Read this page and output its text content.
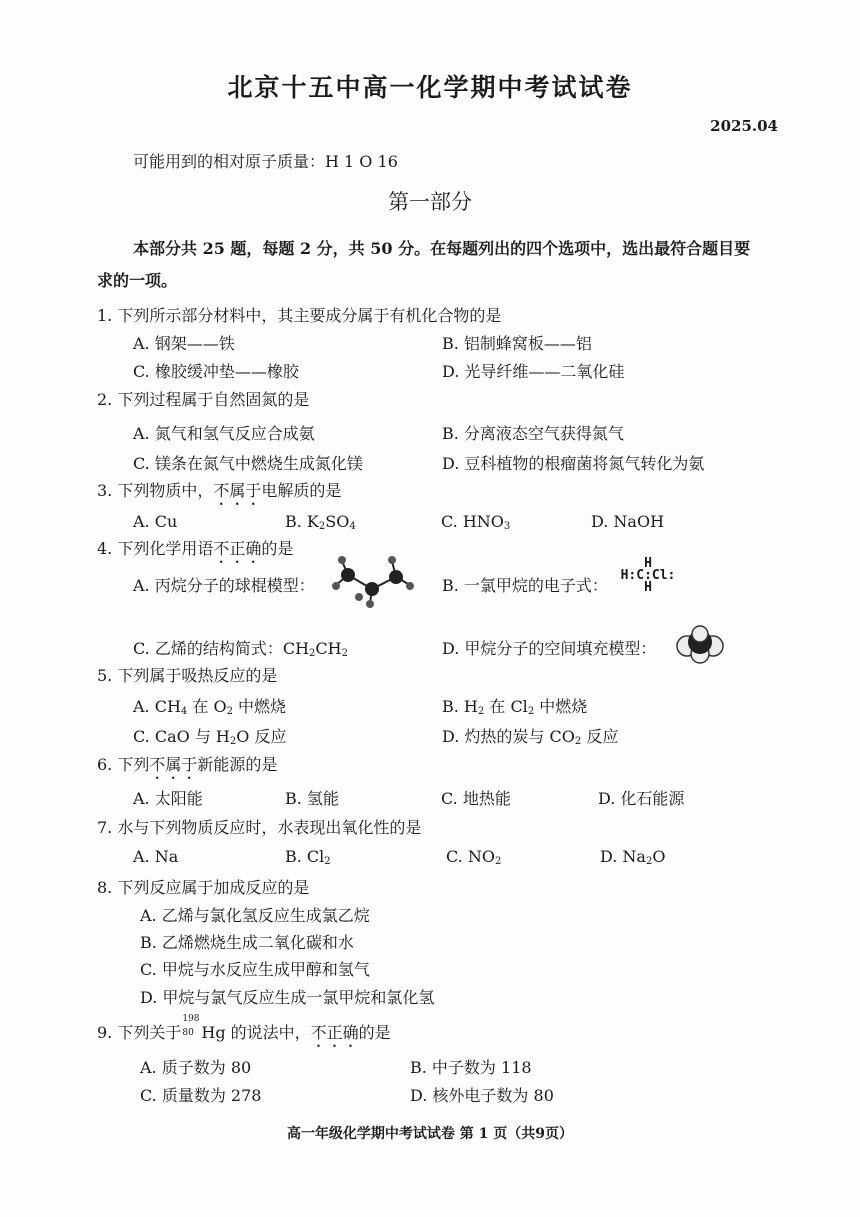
北京十五中高一化学期中考试试卷
2025.04
可能用到的相对原子质量：H 1 O 16
第一部分
本部分共 25 题，每题 2 分，共 50 分。在每题列出的四个选项中，选出最符合题目要
求的一项。
1. 下列所示部分材料中，其主要成分属于有机化合物的是
A. 钢架——铁	B. 铝制蜂窝板——铝
C. 橡胶缓冲垫——橡胶	D. 光导纤维——二氧化硅
2. 下列过程属于自然固氮的是
A. 氮气和氢气反应合成氨	B. 分离液态空气获得氮气
C. 镁条在氮气中燃烧生成氮化镁	D. 豆科植物的根瘤菌将氮气转化为氨
3. 下列物质中，不属于电解质的是
A. Cu	B. $K_2SO_4$	C. $HNO_3$	D. NaOH
4. 下列化学用语不正确的是
A. 丙烷分子的球棍模型：	B. 一氯甲烷的电子式：
H
H:C:Cl:
H
C. 乙烯的结构简式：$CH_2CH_2$	D. 甲烷分子的空间填充模型：
5. 下列属于吸热反应的是
A. $CH_4$ 在 $O_2$ 中燃烧	B. $H_2$ 在 $Cl_2$ 中燃烧
C. CaO 与 $H_2O$ 反应	D. 灼热的炭与 $CO_2$ 反应
6. 下列不属于新能源的是
A. 太阳能	B. 氢能	C. 地热能	D. 化石能源
7. 水与下列物质反应时，水表现出氧化性的是
A. Na	B. $Cl_2$	C. $NO_2$	D. $Na_2O$
8. 下列反应属于加成反应的是
A. 乙烯与氯化氢反应生成氯乙烷
B. 乙烯燃烧生成二氧化碳和水
C. 甲烷与水反应生成甲醇和氢气
D. 甲烷与氯气反应生成一氯甲烷和氯化氢
9. 下列关于
198
80 Hg 的说法中，不正确的是
A. 质子数为 80	B. 中子数为 118
C. 质量数为 278	D. 核外电子数为 80
高一年级化学期中考试试卷 第 1 页（共9页）
